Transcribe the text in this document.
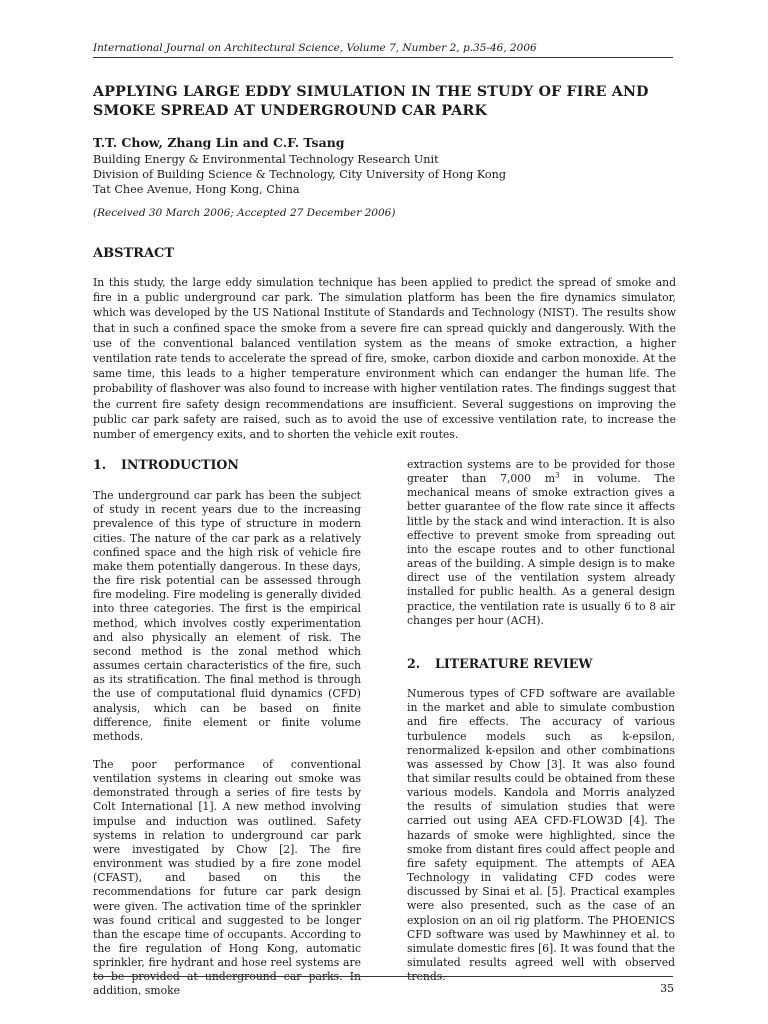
International Journal on Architectural Science, Volume 7, Number 2, p.35-46, 2006
APPLYING LARGE EDDY SIMULATION IN THE STUDY OF FIRE AND SMOKE SPREAD AT UNDERGROUND CAR PARK
T.T. Chow, Zhang Lin and C.F. Tsang
Building Energy & Environmental Technology Research Unit
Division of Building Science & Technology, City University of Hong Kong
Tat Chee Avenue, Hong Kong, China
(Received 30 March 2006; Accepted 27 December 2006)
ABSTRACT

In this study, the large eddy simulation technique has been applied to predict the spread of smoke and fire in a public underground car park. The simulation platform has been the fire dynamics simulator, which was developed by the US National Institute of Standards and Technology (NIST). The results show that in such a confined space the smoke from a severe fire can spread quickly and dangerously. With the use of the conventional balanced ventilation system as the means of smoke extraction, a higher ventilation rate tends to accelerate the spread of fire, smoke, carbon dioxide and carbon monoxide. At the same time, this leads to a higher temperature environment which can endanger the human life. The probability of flashover was also found to increase with higher ventilation rates. The findings suggest that the current fire safety design recommendations are insufficient. Several suggestions on improving the public car park safety are raised, such as to avoid the use of excessive ventilation rate, to increase the number of emergency exits, and to shorten the vehicle exit routes.

1. INTRODUCTION

The underground car park has been the subject of study in recent years due to the increasing prevalence of this type of structure in modern cities. The nature of the car park as a relatively confined space and the high risk of vehicle fire make them potentially dangerous. In these days, the fire risk potential can be assessed through fire modeling. Fire modeling is generally divided into three categories. The first is the empirical method, which involves costly experimentation and also physically an element of risk. The second method is the zonal method which assumes certain characteristics of the fire, such as its stratification. The final method is through the use of computational fluid dynamics (CFD) analysis, which can be based on finite difference, finite element or finite volume methods.

The poor performance of conventional ventilation systems in clearing out smoke was demonstrated through a series of fire tests by Colt International [1]. A new method involving impulse and induction was outlined. Safety systems in relation to underground car park were investigated by Chow [2]. The fire environment was studied by a fire zone model (CFAST), and based on this the recommendations for future car park design were given. The activation time of the sprinkler was found critical and suggested to be longer than the escape time of occupants. According to the fire regulation of Hong Kong, automatic sprinkler, fire hydrant and hose reel systems are to be provided at underground car parks. In addition, smoke

extraction systems are to be provided for those greater than 7,000 $m^3$ in volume. The mechanical means of smoke extraction gives a better guarantee of the flow rate since it affects little by the stack and wind interaction. It is also effective to prevent smoke from spreading out into the escape routes and to other functional areas of the building. A simple design is to make direct use of the ventilation system already installed for public health. As a general design practice, the ventilation rate is usually 6 to 8 air changes per hour (ACH).

2. LITERATURE REVIEW

Numerous types of CFD software are available in the market and able to simulate combustion and fire effects. The accuracy of various turbulence models such as k-epsilon, renormalized k-epsilon and other combinations was assessed by Chow [3]. It was also found that similar results could be obtained from these various models. Kandola and Morris analyzed the results of simulation studies that were carried out using AEA CFD-FLOW3D [4]. The hazards of smoke were highlighted, since the smoke from distant fires could affect people and fire safety equipment. The attempts of AEA Technology in validating CFD codes were discussed by Sinai et al. [5]. Practical examples were also presented, such as the case of an explosion on an oil rig platform. The PHOENICS CFD software was used by Mawhinney et al. to simulate domestic fires [6]. It was found that the simulated results agreed well with observed trends.

35
